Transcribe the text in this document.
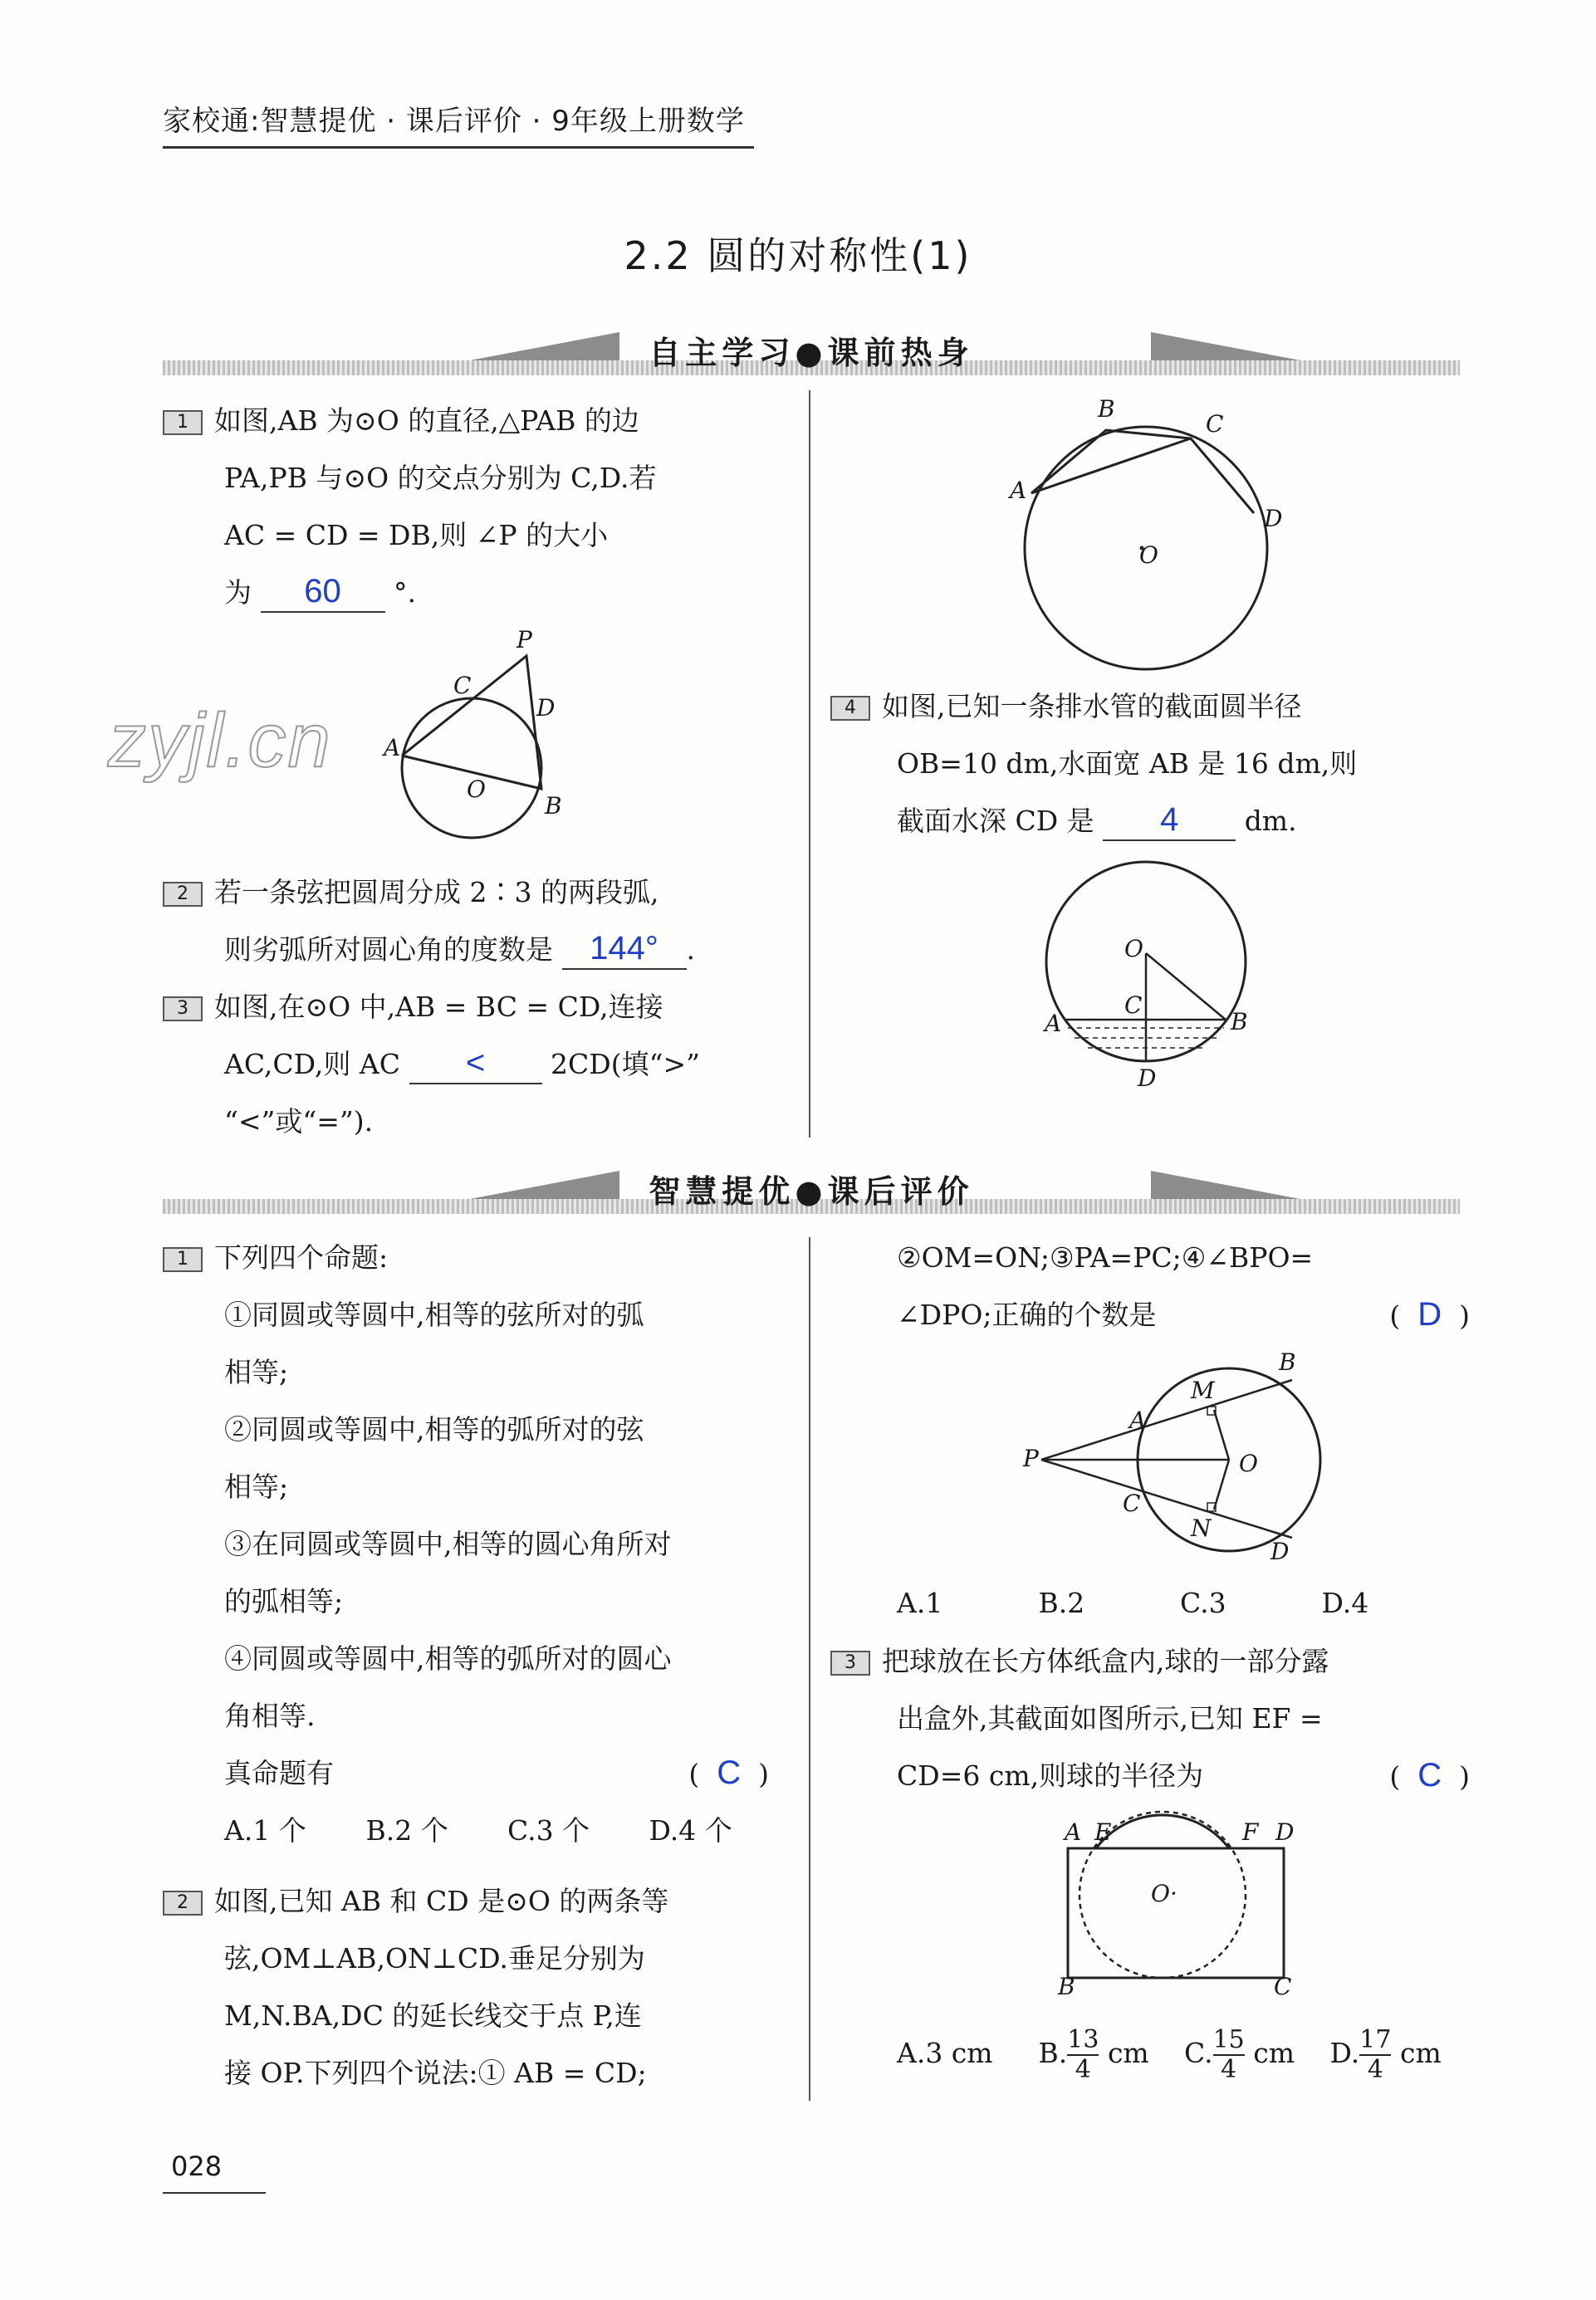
家校通:智慧提优 · 课后评价 · 9年级上册数学
2.2 圆的对称性(1)
自主学习●课前热身
zyjl.cn
1 如图,AB 为⊙O 的直径,△PAB 的边
PA,PB 与⊙O 的交点分别为 C,D.若
AC = CD = DB,则 ∠P 的大小
为 60 °.
P
C
D
A
O
B
2 若一条弦把圆周分成 2∶3 的两段弧,
则劣弧所对圆心角的度数是 144° .
3 如图,在⊙O 中,AB = BC = CD,连接
AC,CD,则 AC < 2CD(填“>”
“<”或“=”).
B
C
A
D
O
4 如图,已知一条排水管的截面圆半径
OB=10 dm,水面宽 AB 是 16 dm,则
截面水深 CD 是 4 dm.
O
C
A	B
D
智慧提优●课后评价
1 下列四个命题:
①同圆或等圆中,相等的弦所对的弧
相等;
②同圆或等圆中,相等的弧所对的弦
相等;
③在同圆或等圆中,相等的圆心角所对
的弧相等;
④同圆或等圆中,相等的弧所对的圆心
角相等.
真命题有	(  C  )
A.1 个 B.2 个 C.3 个 D.4 个
2 如图,已知 AB 和 CD 是⊙O 的两条等
弦,OM⊥AB,ON⊥CD.垂足分别为
M,N.BA,DC 的延长线交于点 P,连
接 OP.下列四个说法:① AB = CD;
②OM=ON;③PA=PC;④∠BPO=
∠DPO;正确的个数是	(  D  )
B
M
A
P	O
C
N
D
A.1	B.2	C.3	D.4
3 把球放在长方体纸盒内,球的一部分露
出盒外,其截面如图所示,已知 EF =
CD=6 cm,则球的半径为	(  C  )
A E	F D
O·
B	C
A.3 cm B. $\frac{13}{4}$ cm C. $\frac{15}{4}$ cm D. $\frac{17}{4}$ cm
028
